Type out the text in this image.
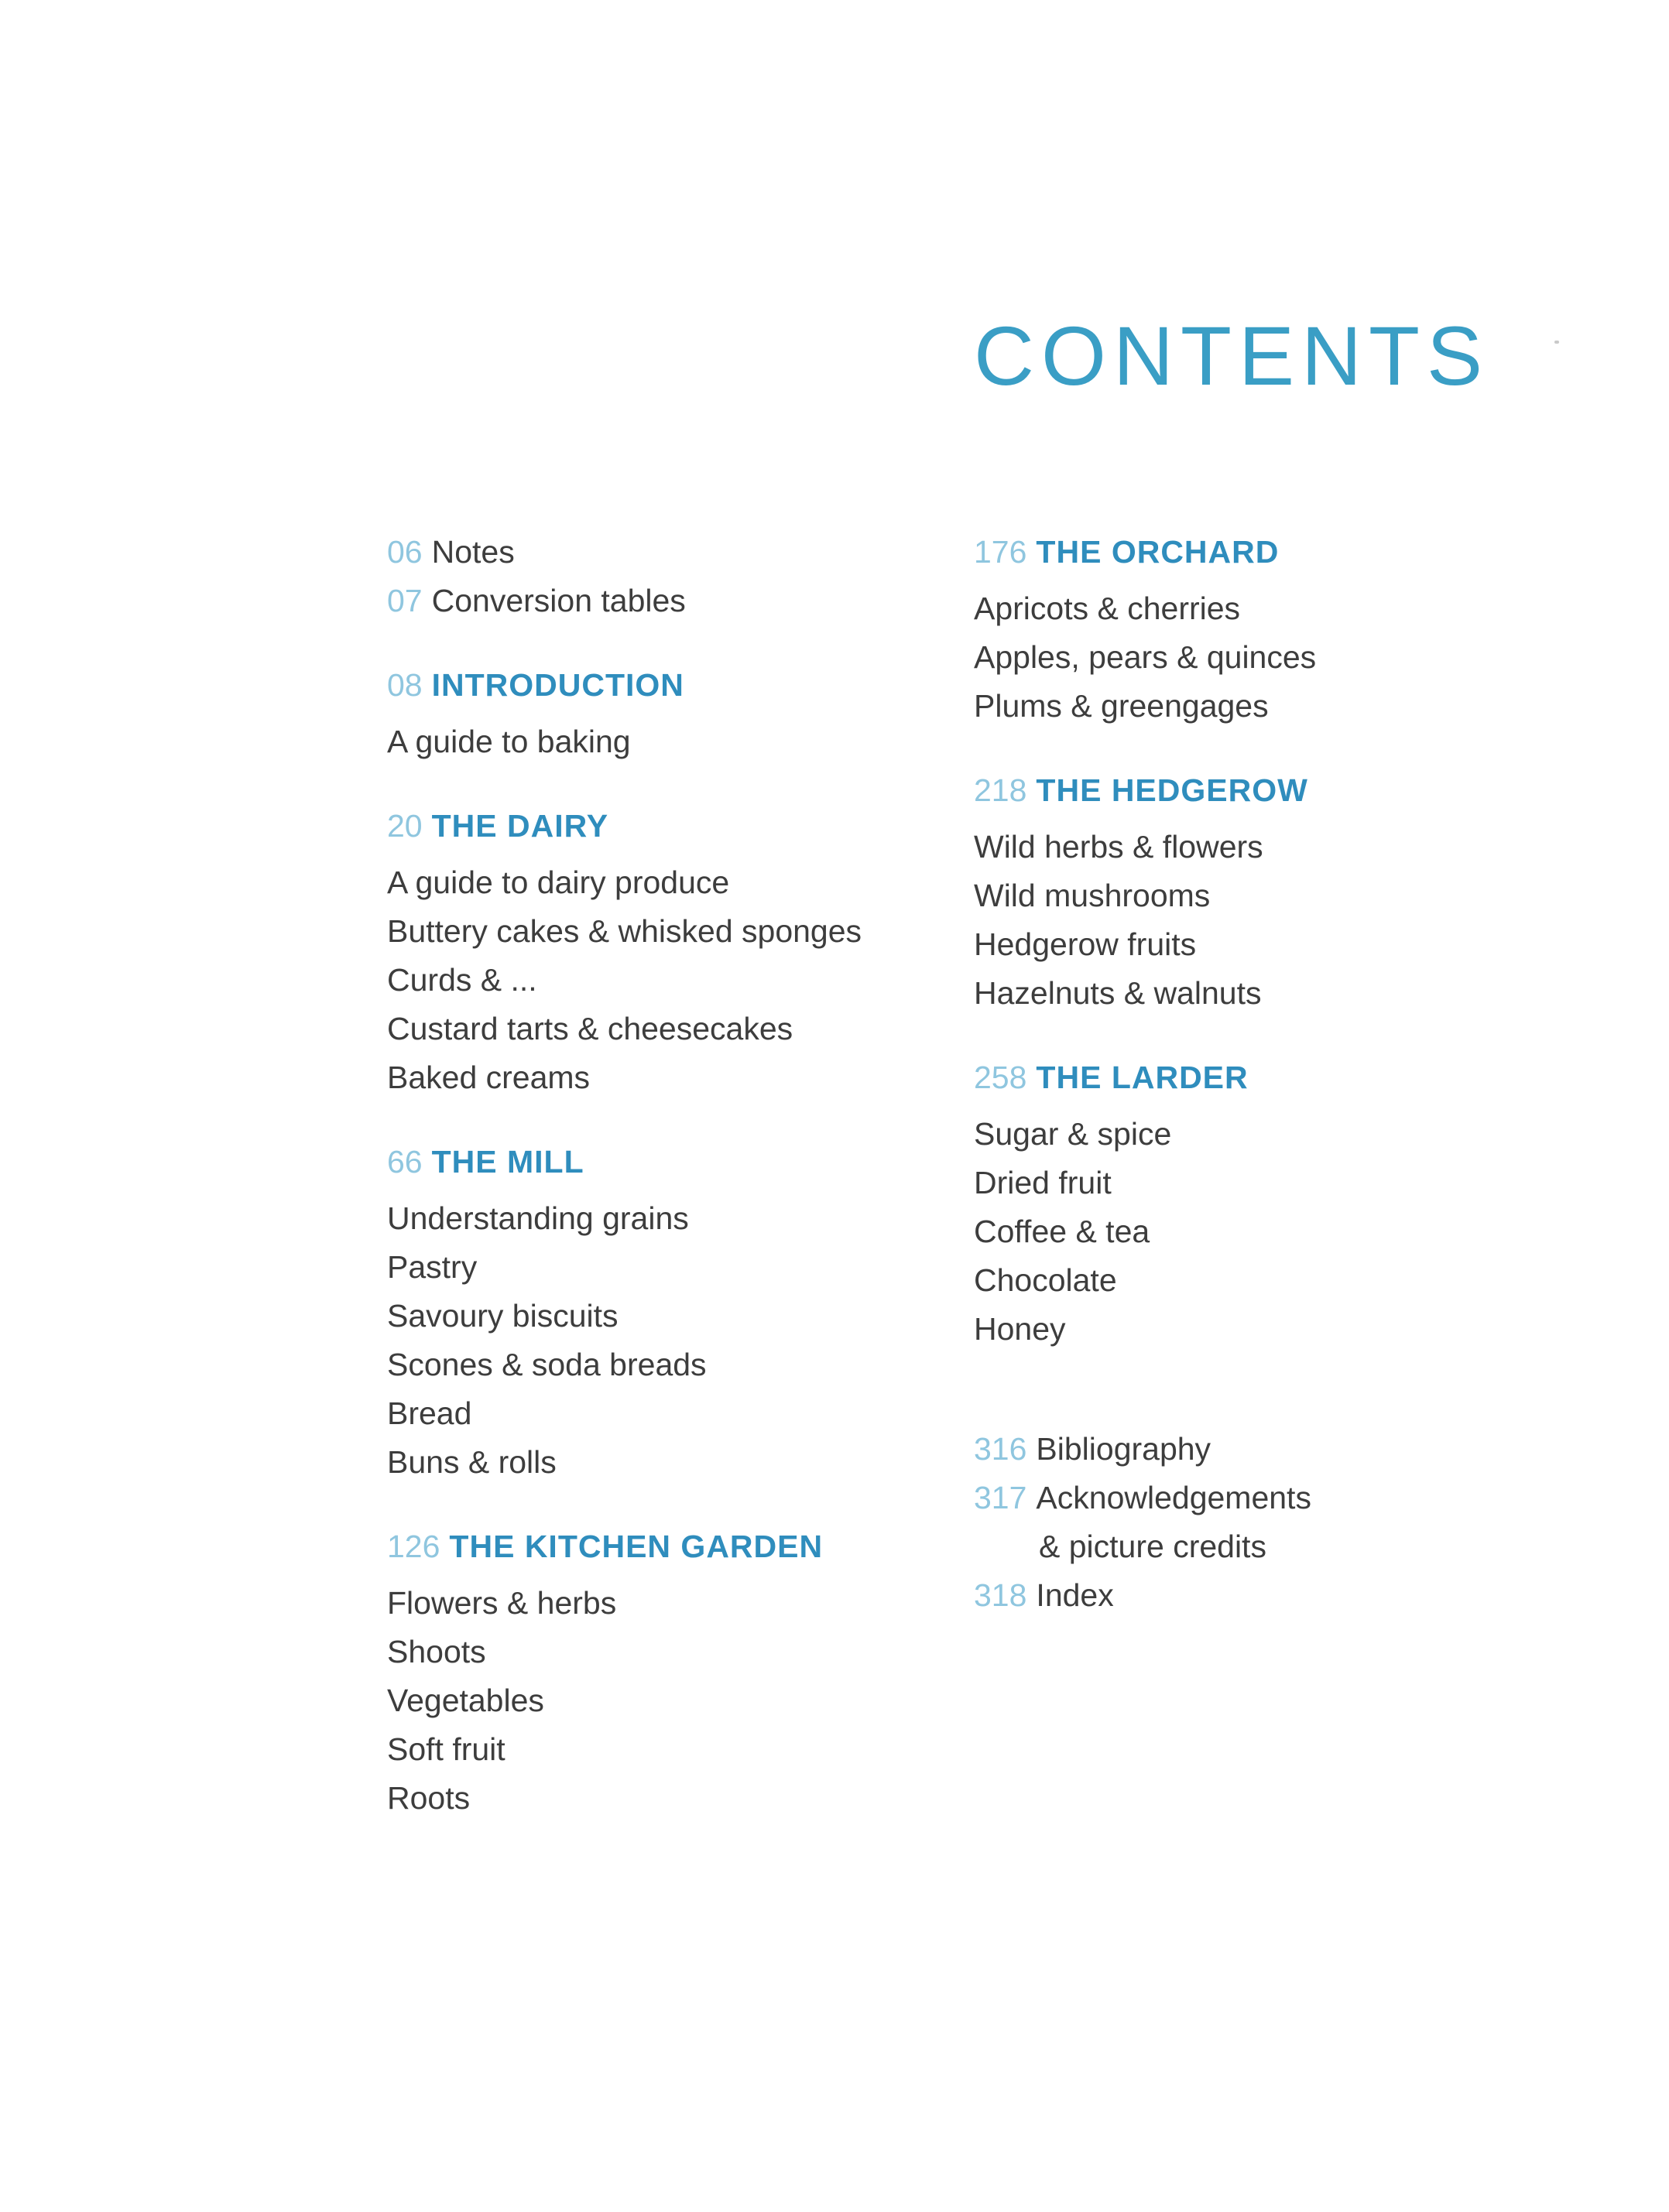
CONTENTS
06 Notes
07 Conversion tables
08 INTRODUCTION
A guide to baking
20 THE DAIRY
A guide to dairy produce
Buttery cakes & whisked sponges
Curds & ...
Custard tarts & cheesecakes
Baked creams
66 THE MILL
Understanding grains
Pastry
Savoury biscuits
Scones & soda breads
Bread
Buns & rolls
126 THE KITCHEN GARDEN
Flowers & herbs
Shoots
Vegetables
Soft fruit
Roots
176 THE ORCHARD
Apricots & cherries
Apples, pears & quinces
Plums & greengages
218 THE HEDGEROW
Wild herbs & flowers
Wild mushrooms
Hedgerow fruits
Hazelnuts & walnuts
258 THE LARDER
Sugar & spice
Dried fruit
Coffee & tea
Chocolate
Honey
316 Bibliography
317 Acknowledgements
& picture credits
318 Index
